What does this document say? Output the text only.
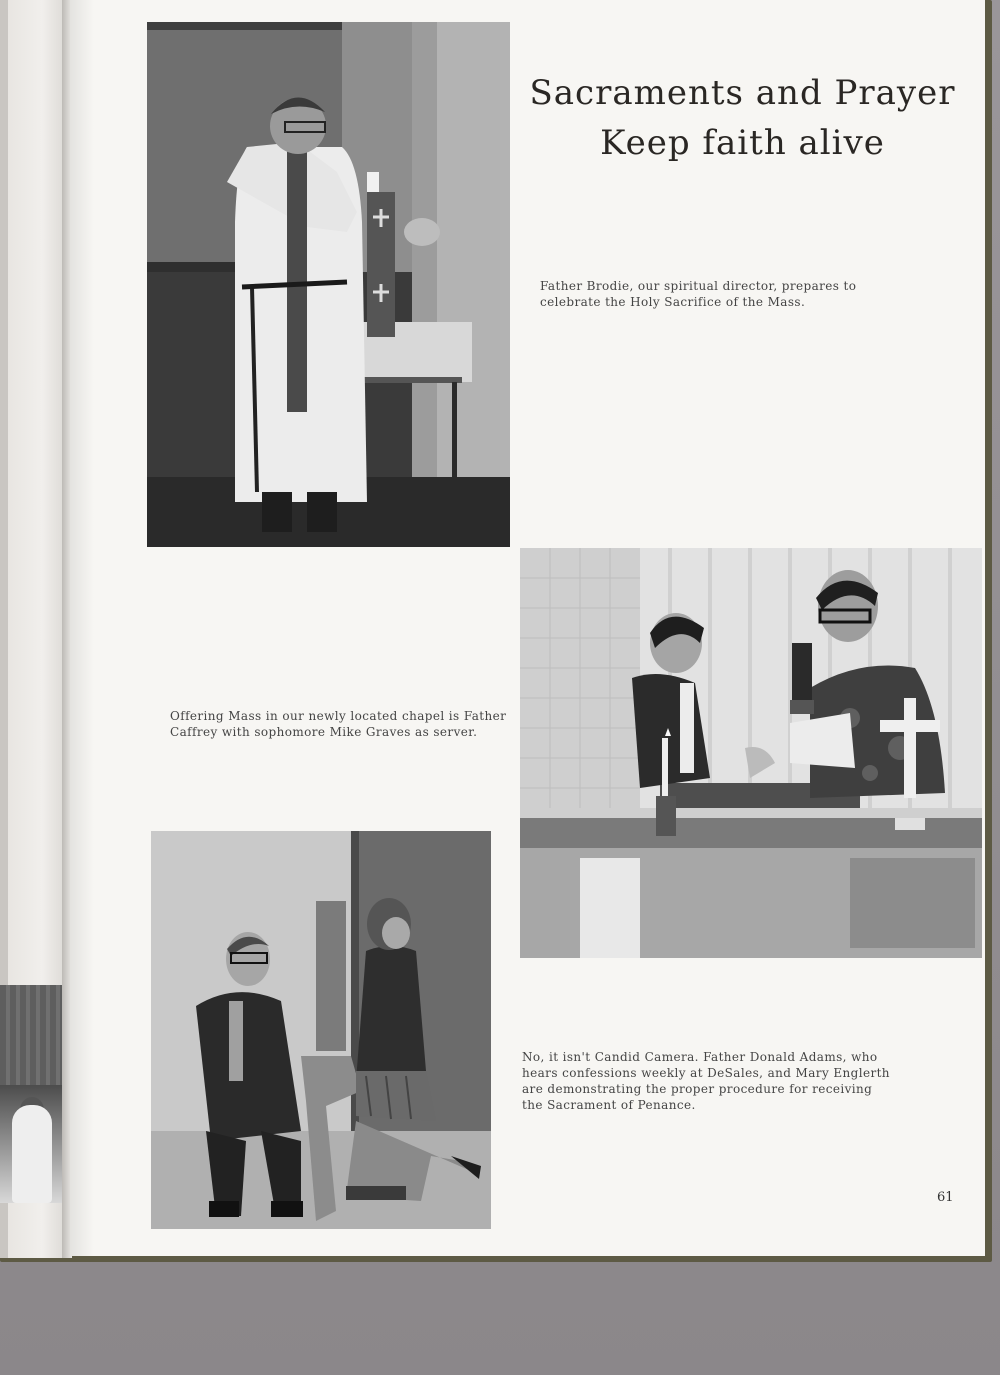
Sacraments and Prayer
Keep faith alive
Father Brodie, our spiritual director, prepares to celebrate the Holy Sacrifice of the Mass.
Offering Mass in our newly located chapel is Father Caffrey with sophomore Mike Graves as server.
No, it isn't Candid Camera. Father Donald Adams, who hears confessions weekly at DeSales, and Mary Englerth are demonstrating the proper procedure for receiving the Sacrament of Penance.
61
